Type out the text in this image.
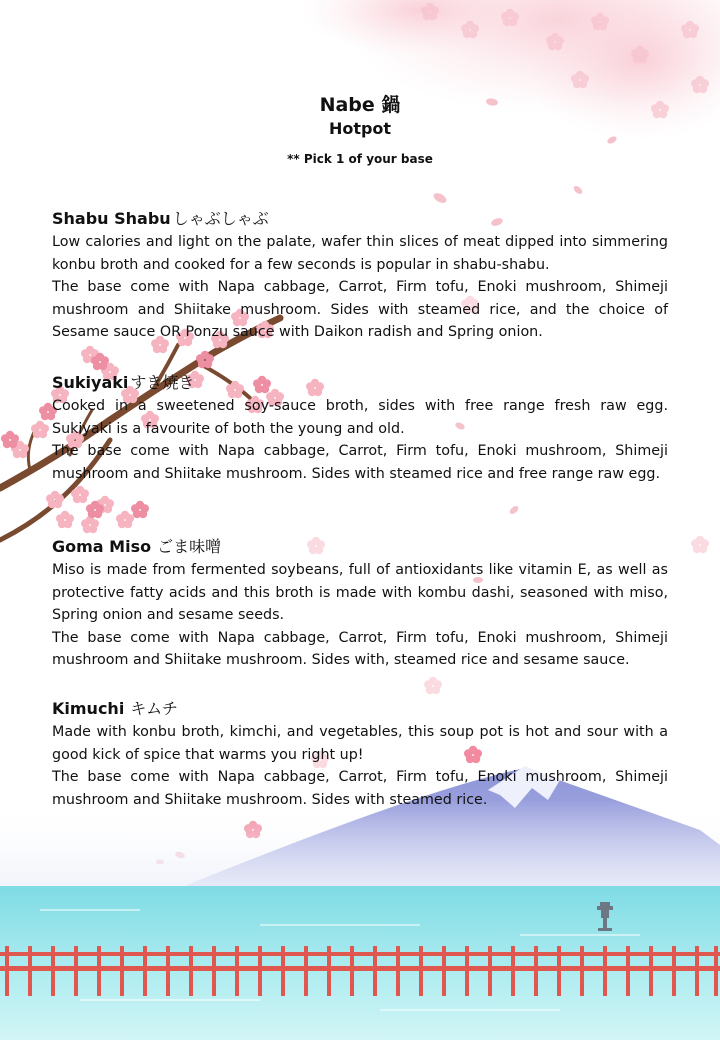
Nabe 鍋
Hotpot
** Pick 1 of your base
Shabu Shabu しゃぶしゃぶ

Low calories and light on the palate, wafer thin slices of meat dipped into simmering konbu broth and cooked for a few seconds is popular in shabu-shabu.

The base come with Napa cabbage, Carrot, Firm tofu, Enoki mushroom, Shimeji mushroom and Shiitake mushroom. Sides with steamed rice, and the choice of Sesame sauce OR Ponzu sauce with Daikon radish and Spring onion.

Sukiyaki すき焼き

Cooked in a sweetened soy-sauce broth, sides with free range fresh raw egg. Sukiyaki is a favourite of both the young and old.

The base come with Napa cabbage, Carrot, Firm tofu, Enoki mushroom, Shimeji mushroom and Shiitake mushroom. Sides with steamed rice and free range raw egg.

Goma Miso ごま味噌

Miso is made from fermented soybeans, full of antioxidants like vitamin E, as well as protective fatty acids and this broth is made with kombu dashi, seasoned with miso, Spring onion and sesame seeds.

The base come with Napa cabbage, Carrot, Firm tofu, Enoki mushroom, Shimeji mushroom and Shiitake mushroom. Sides with, steamed rice and sesame sauce.

Kimuchi キムチ

Made with konbu broth, kimchi, and vegetables, this soup pot is hot and sour with a good kick of spice that warms you right up!

The base come with Napa cabbage, Carrot, Firm tofu, Enoki mushroom, Shimeji mushroom and Shiitake mushroom. Sides with steamed rice.
